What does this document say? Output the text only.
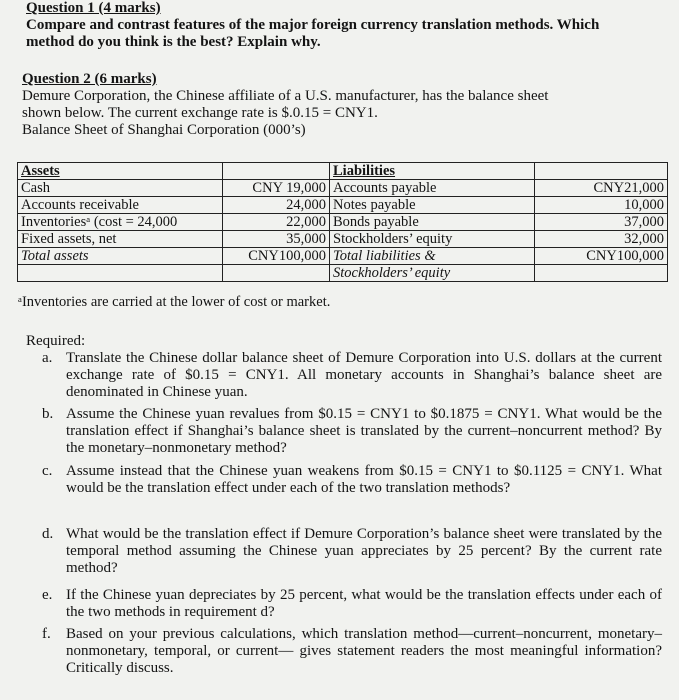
Question 1 (4 marks)
Compare and contrast features of the major foreign currency translation methods. Which method do you think is the best? Explain why.
Question 2 (6 marks)
Demure Corporation, the Chinese affiliate of a U.S. manufacturer, has the balance sheet
shown below. The current exchange rate is $.0.15 = CNY1.
Balance Sheet of Shanghai Corporation (000’s)
Assets		Liabilities	
Cash	CNY 19,000	Accounts payable	CNY21,000
Accounts receivable	24,000	Notes payable	10,000
Inventoriesᵃ (cost = 24,000	22,000	Bonds payable	37,000
Fixed assets, net	35,000	Stockholders’ equity	32,000
Total assets	CNY100,000	Total liabilities &	CNY100,000
		Stockholders’ equity	
ᵃInventories are carried at the lower of cost or market.
Required:
a. Translate the Chinese dollar balance sheet of Demure Corporation into U.S. dollars at the current exchange rate of $0.15 = CNY1. All monetary accounts in Shanghai’s balance sheet are denominated in Chinese yuan.
b. Assume the Chinese yuan revalues from $0.15 = CNY1 to $0.1875 = CNY1. What would be the translation effect if Shanghai’s balance sheet is translated by the current–noncurrent method? By the monetary–nonmonetary method?
c. Assume instead that the Chinese yuan weakens from $0.15 = CNY1 to $0.1125 = CNY1. What would be the translation effect under each of the two translation methods?
d. What would be the translation effect if Demure Corporation’s balance sheet were translated by the temporal method assuming the Chinese yuan appreciates by 25 percent? By the current rate method?
e. If the Chinese yuan depreciates by 25 percent, what would be the translation effects under each of the two methods in requirement d?
f. Based on your previous calculations, which translation method—current–noncurrent, monetary– nonmonetary, temporal, or current— gives statement readers the most meaningful information? Critically discuss.
